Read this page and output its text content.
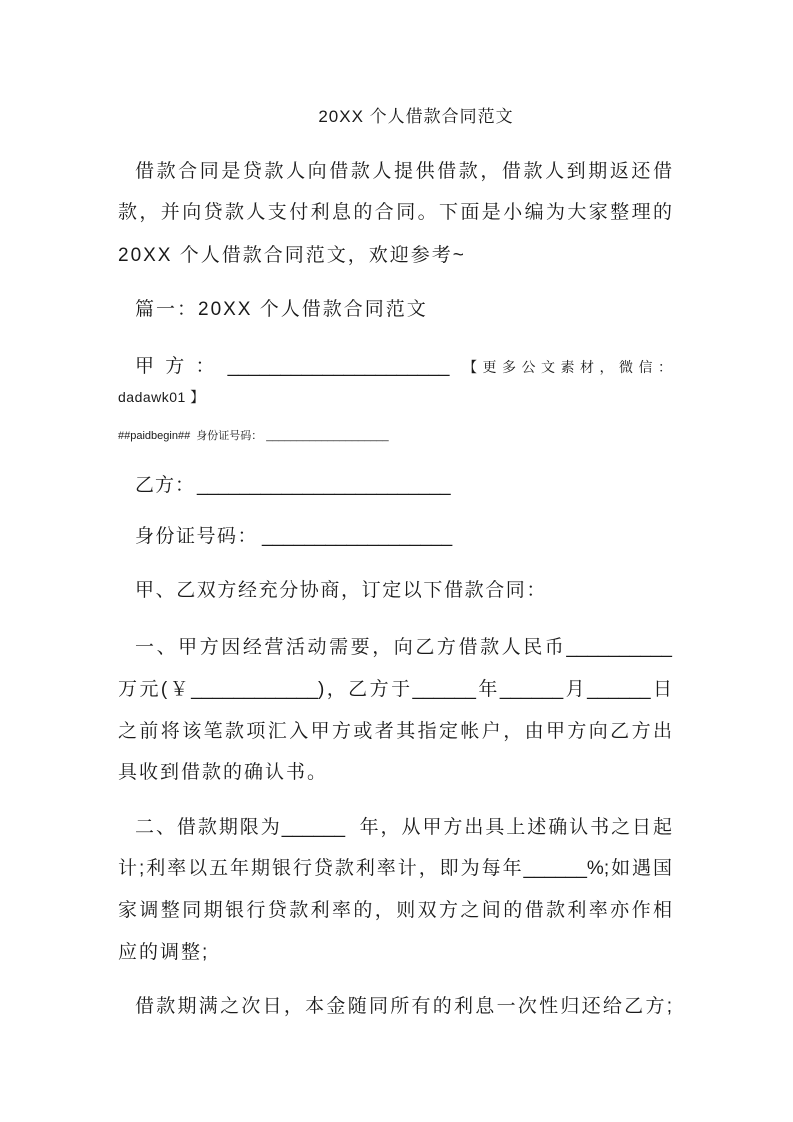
20XX 个人借款合同范文
借款合同是贷款人向借款人提供借款，借款人到期返还借
款，并向贷款人支付利息的合同。下面是小编为大家整理的
20XX 个人借款合同范文，欢迎参考~
篇一：20XX 个人借款合同范文
甲 方 ： _____________________ 【更多公文素材，微信：
dadawk01 】
##paidbegin##  身份证号码： ____________________
乙方： ________________________
身份证号码： __________________
甲、乙双方经充分协商，订定以下借款合同：
一、甲方因经营活动需要，向乙方借款人民币__________
万元(￥____________)，乙方于______年______月______日
之前将该笔款项汇入甲方或者其指定帐户，由甲方向乙方出
具收到借款的确认书。
二、借款期限为______  年，从甲方出具上述确认书之日起
计;利率以五年期银行贷款利率计，即为每年______%;如遇国
家调整同期银行贷款利率的，则双方之间的借款利率亦作相
应的调整;
借款期满之次日，本金随同所有的利息一次性归还给乙方;
